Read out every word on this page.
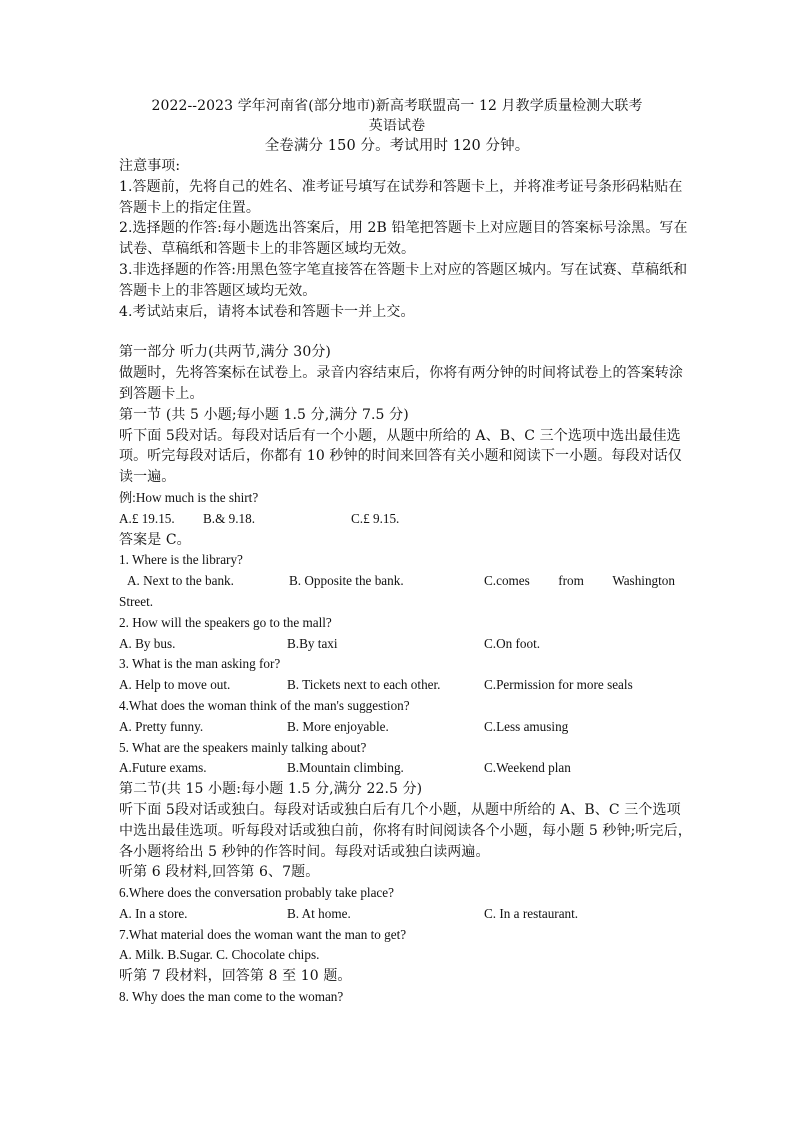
2022--2023 学年河南省(部分地市)新高考联盟高一 12 月教学质量检测大联考
英语试卷
全卷满分 150 分。考试用时 120 分钟。
注意事项:
1.答题前，先将自己的姓名、准考证号填写在试券和答题卡上，并将准考证号条形码粘贴在
答题卡上的指定住置。
2.选择题的作答:每小题选出答案后，用 2B 铅笔把答题卡上对应题目的答案标号涂黑。写在
试卷、草稿纸和答题卡上的非答题区域均无效。
3.非选择题的作答:用黑色签字笔直接答在答题卡上对应的答题区城内。写在试赛、草稿纸和
答题卡上的非答题区域均无效。
4.考试站束后，请将本试卷和答题卡一并上交。
第一部分 听力(共两节,满分 30分)
做题时，先将答案标在试卷上。录音内容结束后，你将有两分钟的时间将试卷上的答案转涂
到答题卡上。
第一节 (共 5 小题;每小题 1.5 分,满分 7.5 分)
听下面 5段对话。每段对话后有一个小题，从题中所给的 A、B、C 三个选项中选出最佳选
项。听完每段对话后，你都有 10 秒钟的时间来回答有关小题和阅读下一小题。每段对话仅
读一遍。
例:How much is the shirt?
A.£ 19.15.	B.& 9.18.	C.£ 9.15.
答案是 C。
1. Where is the library?
A. Next to the bank.	B. Opposite the bank.	C.comes from Washington
Street.
2. How will the speakers go to the mall?
A. By bus.	B.By taxi	C.On foot.
3. What is the man asking for?
A. Help to move out.	B. Tickets next to each other.	C.Permission for more seals
4.What does the woman think of the man's suggestion?
A. Pretty funny.	B. More enjoyable.	C.Less amusing
5. What are the speakers mainly talking about?
A.Future exams.	B.Mountain climbing.	C.Weekend plan
第二节(共 15 小题:每小题 1.5 分,满分 22.5 分)
听下面 5段对话或独白。每段对话或独白后有几个小题，从题中所给的 A、B、C 三个选项
中选出最佳选项。听每段对话或独白前，你将有时间阅读各个小题，每小题 5 秒钟;听完后，
各小题将给出 5 秒钟的作答时间。每段对话或独白读两遍。
听第 6 段材料,回答第 6、7题。
6.Where does the conversation probably take place?
A. In a store.	B. At home.	C. In a restaurant.
7.What material does the woman want the man to get?
A. Milk. B.Sugar. C. Chocolate chips.
听第 7 段材料，回答第 8 至 10 题。
8. Why does the man come to the woman?
